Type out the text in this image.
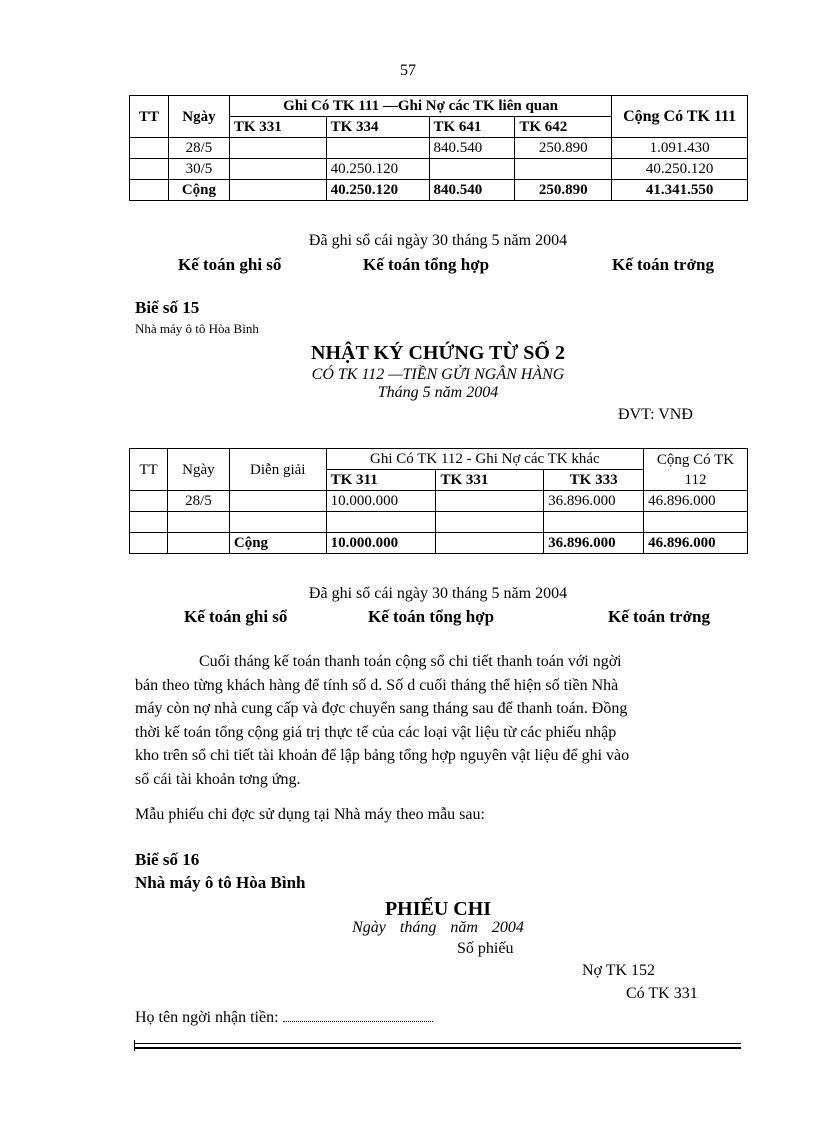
57
TT	Ngày	Ghi Có TK 111 —Ghi Nợ các TK liên quan				Cộng Có TK 111
		TK 331	TK 334	TK 641	TK 642	
	28/5			840.540	250.890	1.091.430
	30/5		40.250.120			40.250.120
	Cộng		40.250.120	840.540	250.890	41.341.550
Đã ghi sổ cái ngày 30 tháng 5 năm 2004
Kế toán ghi sổ	Kế toán tổng hợp	Kế toán trởng
Biể số 15
Nhà máy ô tô Hòa Bình
NHẬT KÝ CHỨNG TỪ SỐ 2
CÓ TK 112 —TIỀN GỬI NGÂN HÀNG
Tháng 5 năm 2004
ĐVT: VNĐ
TT	Ngày	Diễn giải	Ghi Có TK 112 - Ghi Nợ các TK khác			Cộng Có TK 112
			TK 311	TK 331	TK 333	
	28/5		10.000.000		36.896.000	46.896.000

		Cộng	10.000.000		36.896.000	46.896.000
Đã ghi sổ cái ngày 30 tháng 5 năm 2004
Kế toán ghi sổ	Kế toán tổng hợp	Kế toán trởng
Cuối tháng kế toán thanh toán cộng sổ chi tiết thanh toán với ngời
bán theo từng khách hàng để tính số d. Số d cuối tháng thể hiện số tiền Nhà
máy còn nợ nhà cung cấp và đợc chuyển sang tháng sau để thanh toán. Đồng
thời kế toán tổng cộng giá trị thực tế của các loại vật liệu từ các phiếu nhập
kho trên sổ chi tiết tài khoản để lập bảng tổng hợp nguyên vật liệu để ghi vào
sổ cái tài khoản tơng ứng.
Mẫu phiếu chi đợc sử dụng tại Nhà máy theo mẫu sau:
Biể số 16
Nhà máy ô tô Hòa Bình
PHIẾU CHI
Ngày tháng năm 2004
Số phiếu
Nợ TK 152
Có TK 331
Họ tên ngời nhận tiền:
